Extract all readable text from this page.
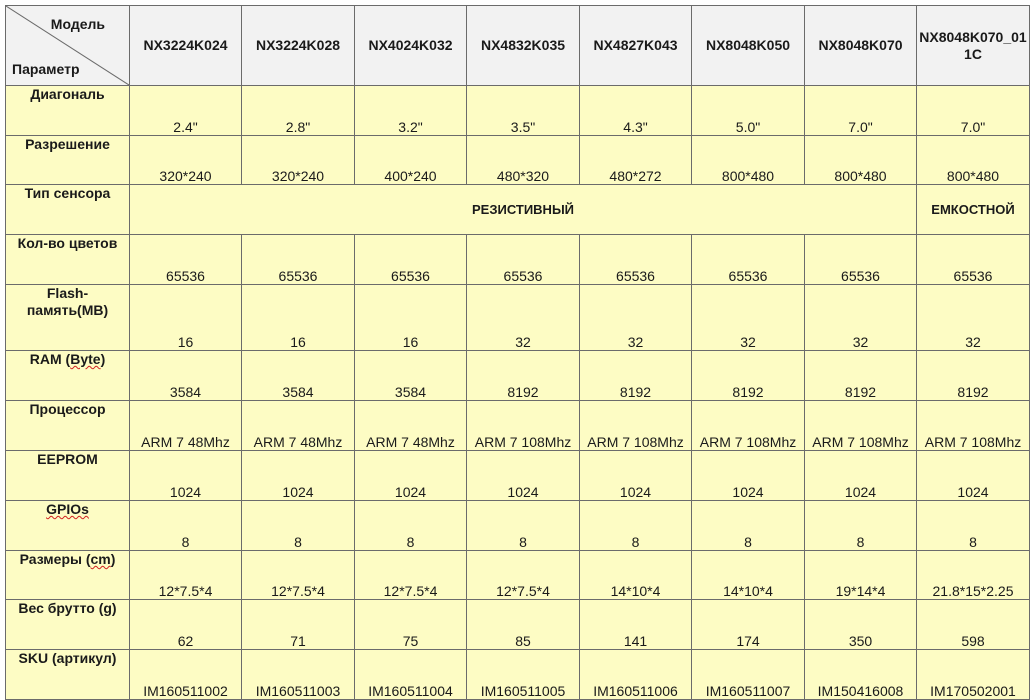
Модель
Параметр	NX3224K024	NX3224K028	NX4024K032	NX4832K035	NX4827K043	NX8048K050	NX8048K070	NX8048K070_011C
Диагональ	2.4"	2.8"	3.2"	3.5"	4.3"	5.0"	7.0"	7.0"
Разрешение	320*240	320*240	400*240	480*320	480*272	800*480	800*480	800*480
Тип сенсора	РЕЗИСТИВНЫЙ							ЕМКОСТНОЙ
Кол-во цветов	65536	65536	65536	65536	65536	65536	65536	65536
Flash-
память(MB)	16	16	16	32	32	32	32	32
RAM (Byte)	3584	3584	3584	8192	8192	8192	8192	8192
Процессор	ARM 7 48Mhz	ARM 7 48Mhz	ARM 7 48Mhz	ARM 7 108Mhz	ARM 7 108Mhz	ARM 7 108Mhz	ARM 7 108Mhz	ARM 7 108Mhz
EEPROM	1024	1024	1024	1024	1024	1024	1024	1024
GPIOs	8	8	8	8	8	8	8	8
Размеры (cm)	12*7.5*4	12*7.5*4	12*7.5*4	12*7.5*4	14*10*4	14*10*4	19*14*4	21.8*15*2.25
Вес брутто (g)	62	71	75	85	141	174	350	598
SKU (артикул)	IM160511002	IM160511003	IM160511004	IM160511005	IM160511006	IM160511007	IM150416008	IM170502001
